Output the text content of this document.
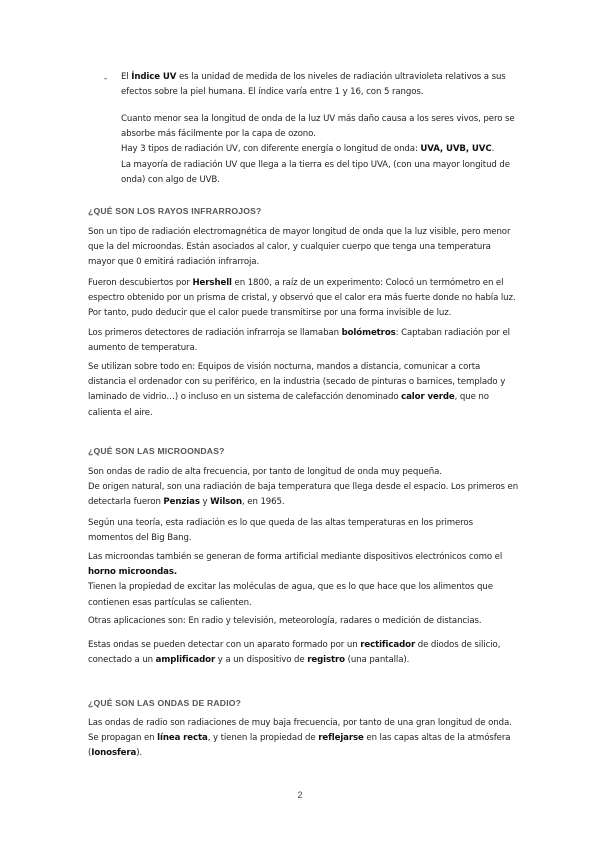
- El Índice UV es la unidad de medida de los niveles de radiación ultravioleta relativos a sus efectos sobre la piel humana. El índice varía entre 1 y 16, con 5 rangos.

Cuanto menor sea la longitud de onda de la luz UV más daño causa a los seres vivos, pero se absorbe más fácilmente por la capa de ozono.

Hay 3 tipos de radiación UV, con diferente energía o longitud de onda: UVA, UVB, UVC.

La mayoría de radiación UV que llega a la tierra es del tipo UVA, (con una mayor longitud de onda) con algo de UVB.

¿QUÉ SON LOS RAYOS INFRARROJOS?

Son un tipo de radiación electromagnética de mayor longitud de onda que la luz visible, pero menor que la del microondas. Están asociados al calor, y cualquier cuerpo que tenga una temperatura mayor que 0 emitirá radiación infrarroja.

Fueron descubiertos por Hershell en 1800, a raíz de un experimento: Colocó un termómetro en el espectro obtenido por un prisma de cristal, y observó que el calor era más fuerte donde no había luz. Por tanto, pudo deducir que el calor puede transmitirse por una forma invisible de luz.

Los primeros detectores de radiación infrarroja se llamaban bolómetros: Captaban radiación por el aumento de temperatura.

Se utilizan sobre todo en: Equipos de visión nocturna, mandos a distancia, comunicar a corta distancia el ordenador con su periférico, en la industria (secado de pinturas o barnices, templado y laminado de vidrio…) o incluso en un sistema de calefacción denominado calor verde, que no calienta el aire.

¿QUÉ SON LAS MICROONDAS?

Son ondas de radio de alta frecuencia, por tanto de longitud de onda muy pequeña.

De origen natural, son una radiación de baja temperatura que llega desde el espacio. Los primeros en detectarla fueron Penzias y Wilson, en 1965.

Según una teoría, esta radiación es lo que queda de las altas temperaturas en los primeros momentos del Big Bang.

Las microondas también se generan de forma artificial mediante dispositivos electrónicos como el horno microondas.

Tienen la propiedad de excitar las moléculas de agua, que es lo que hace que los alimentos que contienen esas partículas se calienten.

Otras aplicaciones son: En radio y televisión, meteorología, radares o medición de distancias.

Estas ondas se pueden detectar con un aparato formado por un rectificador de diodos de silicio, conectado a un amplificador y a un dispositivo de registro (una pantalla).

¿QUÉ SON LAS ONDAS DE RADIO?

Las ondas de radio son radiaciones de muy baja frecuencia, por tanto de una gran longitud de onda.

Se propagan en línea recta, y tienen la propiedad de reflejarse en las capas altas de la atmósfera (Ionosfera).

2
